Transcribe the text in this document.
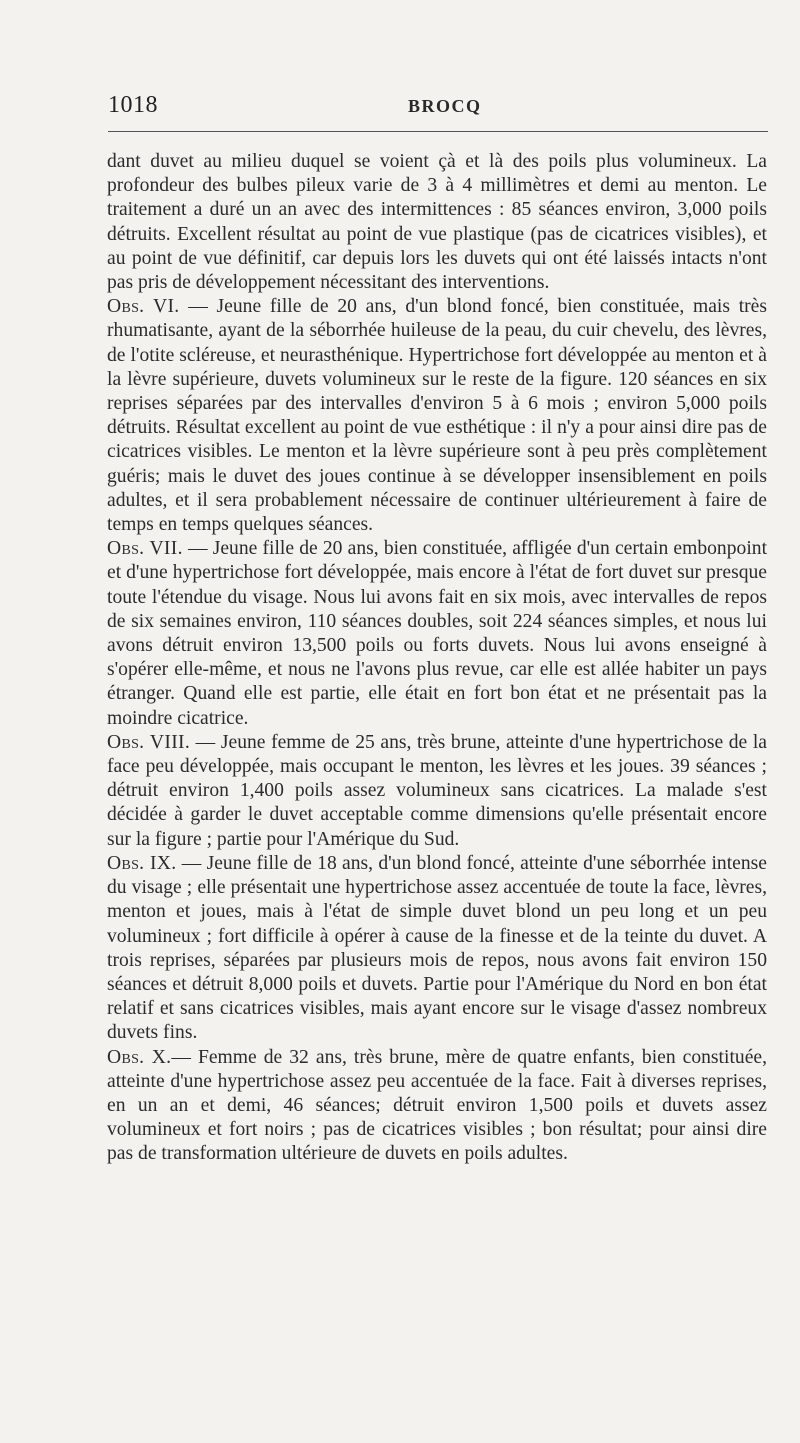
1018	BROCQ

dant duvet au milieu duquel se voient çà et là des poils plus volumineux. La profondeur des bulbes pileux varie de 3 à 4 millimètres et demi au menton. Le traitement a duré un an avec des intermittences : 85 séances environ, 3,000 poils détruits. Excellent résultat au point de vue plastique (pas de cicatrices visibles), et au point de vue définitif, car depuis lors les duvets qui ont été laissés intacts n'ont pas pris de développement nécessitant des interventions.

Obs. VI. — Jeune fille de 20 ans, d'un blond foncé, bien constituée, mais très rhumatisante, ayant de la séborrhée huileuse de la peau, du cuir chevelu, des lèvres, de l'otite scléreuse, et neurasthénique. Hypertrichose fort développée au menton et à la lèvre supérieure, duvets volumineux sur le reste de la figure. 120 séances en six reprises séparées par des intervalles d'environ 5 à 6 mois ; environ 5,000 poils détruits. Résultat excellent au point de vue esthétique : il n'y a pour ainsi dire pas de cicatrices visibles. Le menton et la lèvre supérieure sont à peu près complètement guéris; mais le duvet des joues continue à se développer insensiblement en poils adultes, et il sera probablement nécessaire de continuer ultérieurement à faire de temps en temps quelques séances.

Obs. VII. — Jeune fille de 20 ans, bien constituée, affligée d'un certain embonpoint et d'une hypertrichose fort développée, mais encore à l'état de fort duvet sur presque toute l'étendue du visage. Nous lui avons fait en six mois, avec intervalles de repos de six semaines environ, 110 séances doubles, soit 224 séances simples, et nous lui avons détruit environ 13,500 poils ou forts duvets. Nous lui avons enseigné à s'opérer elle-même, et nous ne l'avons plus revue, car elle est allée habiter un pays étranger. Quand elle est partie, elle était en fort bon état et ne présentait pas la moindre cicatrice.

Obs. VIII. — Jeune femme de 25 ans, très brune, atteinte d'une hypertrichose de la face peu développée, mais occupant le menton, les lèvres et les joues. 39 séances ; détruit environ 1,400 poils assez volumineux sans cicatrices. La malade s'est décidée à garder le duvet acceptable comme dimensions qu'elle présentait encore sur la figure ; partie pour l'Amérique du Sud.

Obs. IX. — Jeune fille de 18 ans, d'un blond foncé, atteinte d'une séborrhée intense du visage ; elle présentait une hypertrichose assez accentuée de toute la face, lèvres, menton et joues, mais à l'état de simple duvet blond un peu long et un peu volumineux ; fort difficile à opérer à cause de la finesse et de la teinte du duvet. A trois reprises, séparées par plusieurs mois de repos, nous avons fait environ 150 séances et détruit 8,000 poils et duvets. Partie pour l'Amérique du Nord en bon état relatif et sans cicatrices visibles, mais ayant encore sur le visage d'assez nombreux duvets fins.

Obs. X.— Femme de 32 ans, très brune, mère de quatre enfants, bien constituée, atteinte d'une hypertrichose assez peu accentuée de la face. Fait à diverses reprises, en un an et demi, 46 séances; détruit environ 1,500 poils et duvets assez volumineux et fort noirs ; pas de cicatrices visibles ; bon résultat; pour ainsi dire pas de transformation ultérieure de duvets en poils adultes.
